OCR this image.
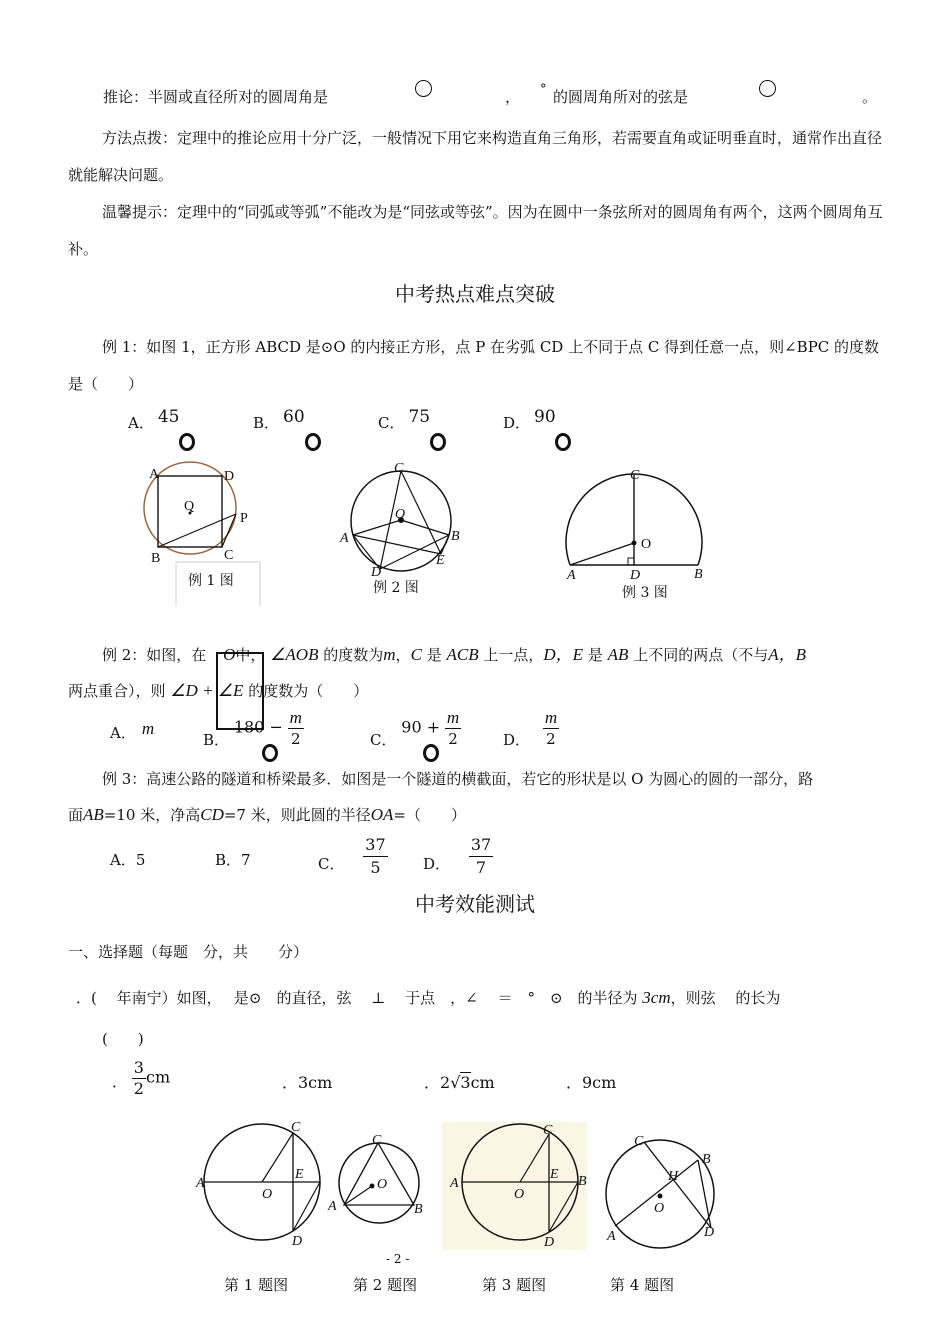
推论：半圆或直径所对的圆周角是	， ° 的圆周角所对的弦是	。
方法点拨：定理中的推论应用十分广泛，一般情况下用它来构造直角三角形，若需要直角或证明垂直时，通常作出直径就能解决问题。
温馨提示：定理中的“同弧或等弧”不能改为是“同弦或等弦”。因为在圆中一条弦所对的圆周角有两个，这两个圆周角互补。
中考热点难点突破
例 1：如图 1，正方形 ABCD 是⊙O 的内接正方形，点 P 在劣弧 CD 上不同于点 C 得到任意一点，则∠BPC 的度数是（　　）
A． 45	B． 60	C． 75	D． 90
A	D
B	C
Q
P
例 1 图
C
O
A	B
D
E
例 2 图
C
O
A	D	B
例 3 图
例 2：如图，在 O中， ∠AOB 的度数为m，C 是 ACB 上一点，D，E 是 AB 上不同的两点（不与A，B
两点重合），则 ∠D + ∠E 的度数为（　　）
A． m
B． $180 - \frac{m}{2}$	C． $90 + \frac{m}{2}$	D． $\frac{m}{2}$
例 3：高速公路的隧道和桥梁最多．如图是一个隧道的横截面，若它的形状是以 O 为圆心的圆的一部分，路
面AB=10 米，净高CD=7 米，则此圆的半径OA=（　　）
A．5	B．7	C． $\frac{37}{5}$ D． $\frac{37}{7}$
中考效能测试
一、选择题（每题　分，共　　分）
．(　 年南宁）如图，　 是⊙　的直径，弦　 ⊥　 于点　，∠　 ＝　°　⊙　的半径为 3cm，则弦　 的长为
(　　)
． $\frac{3}{2}$ cm	．3cm	．2√3cm	．9cm
A
C
E
O
D
C
O
A	B
A
C
E
O
B
D
C
B
H
O
A	D
- 2 -
第 1 题图	第 2 题图	第 3 题图	第 4 题图
